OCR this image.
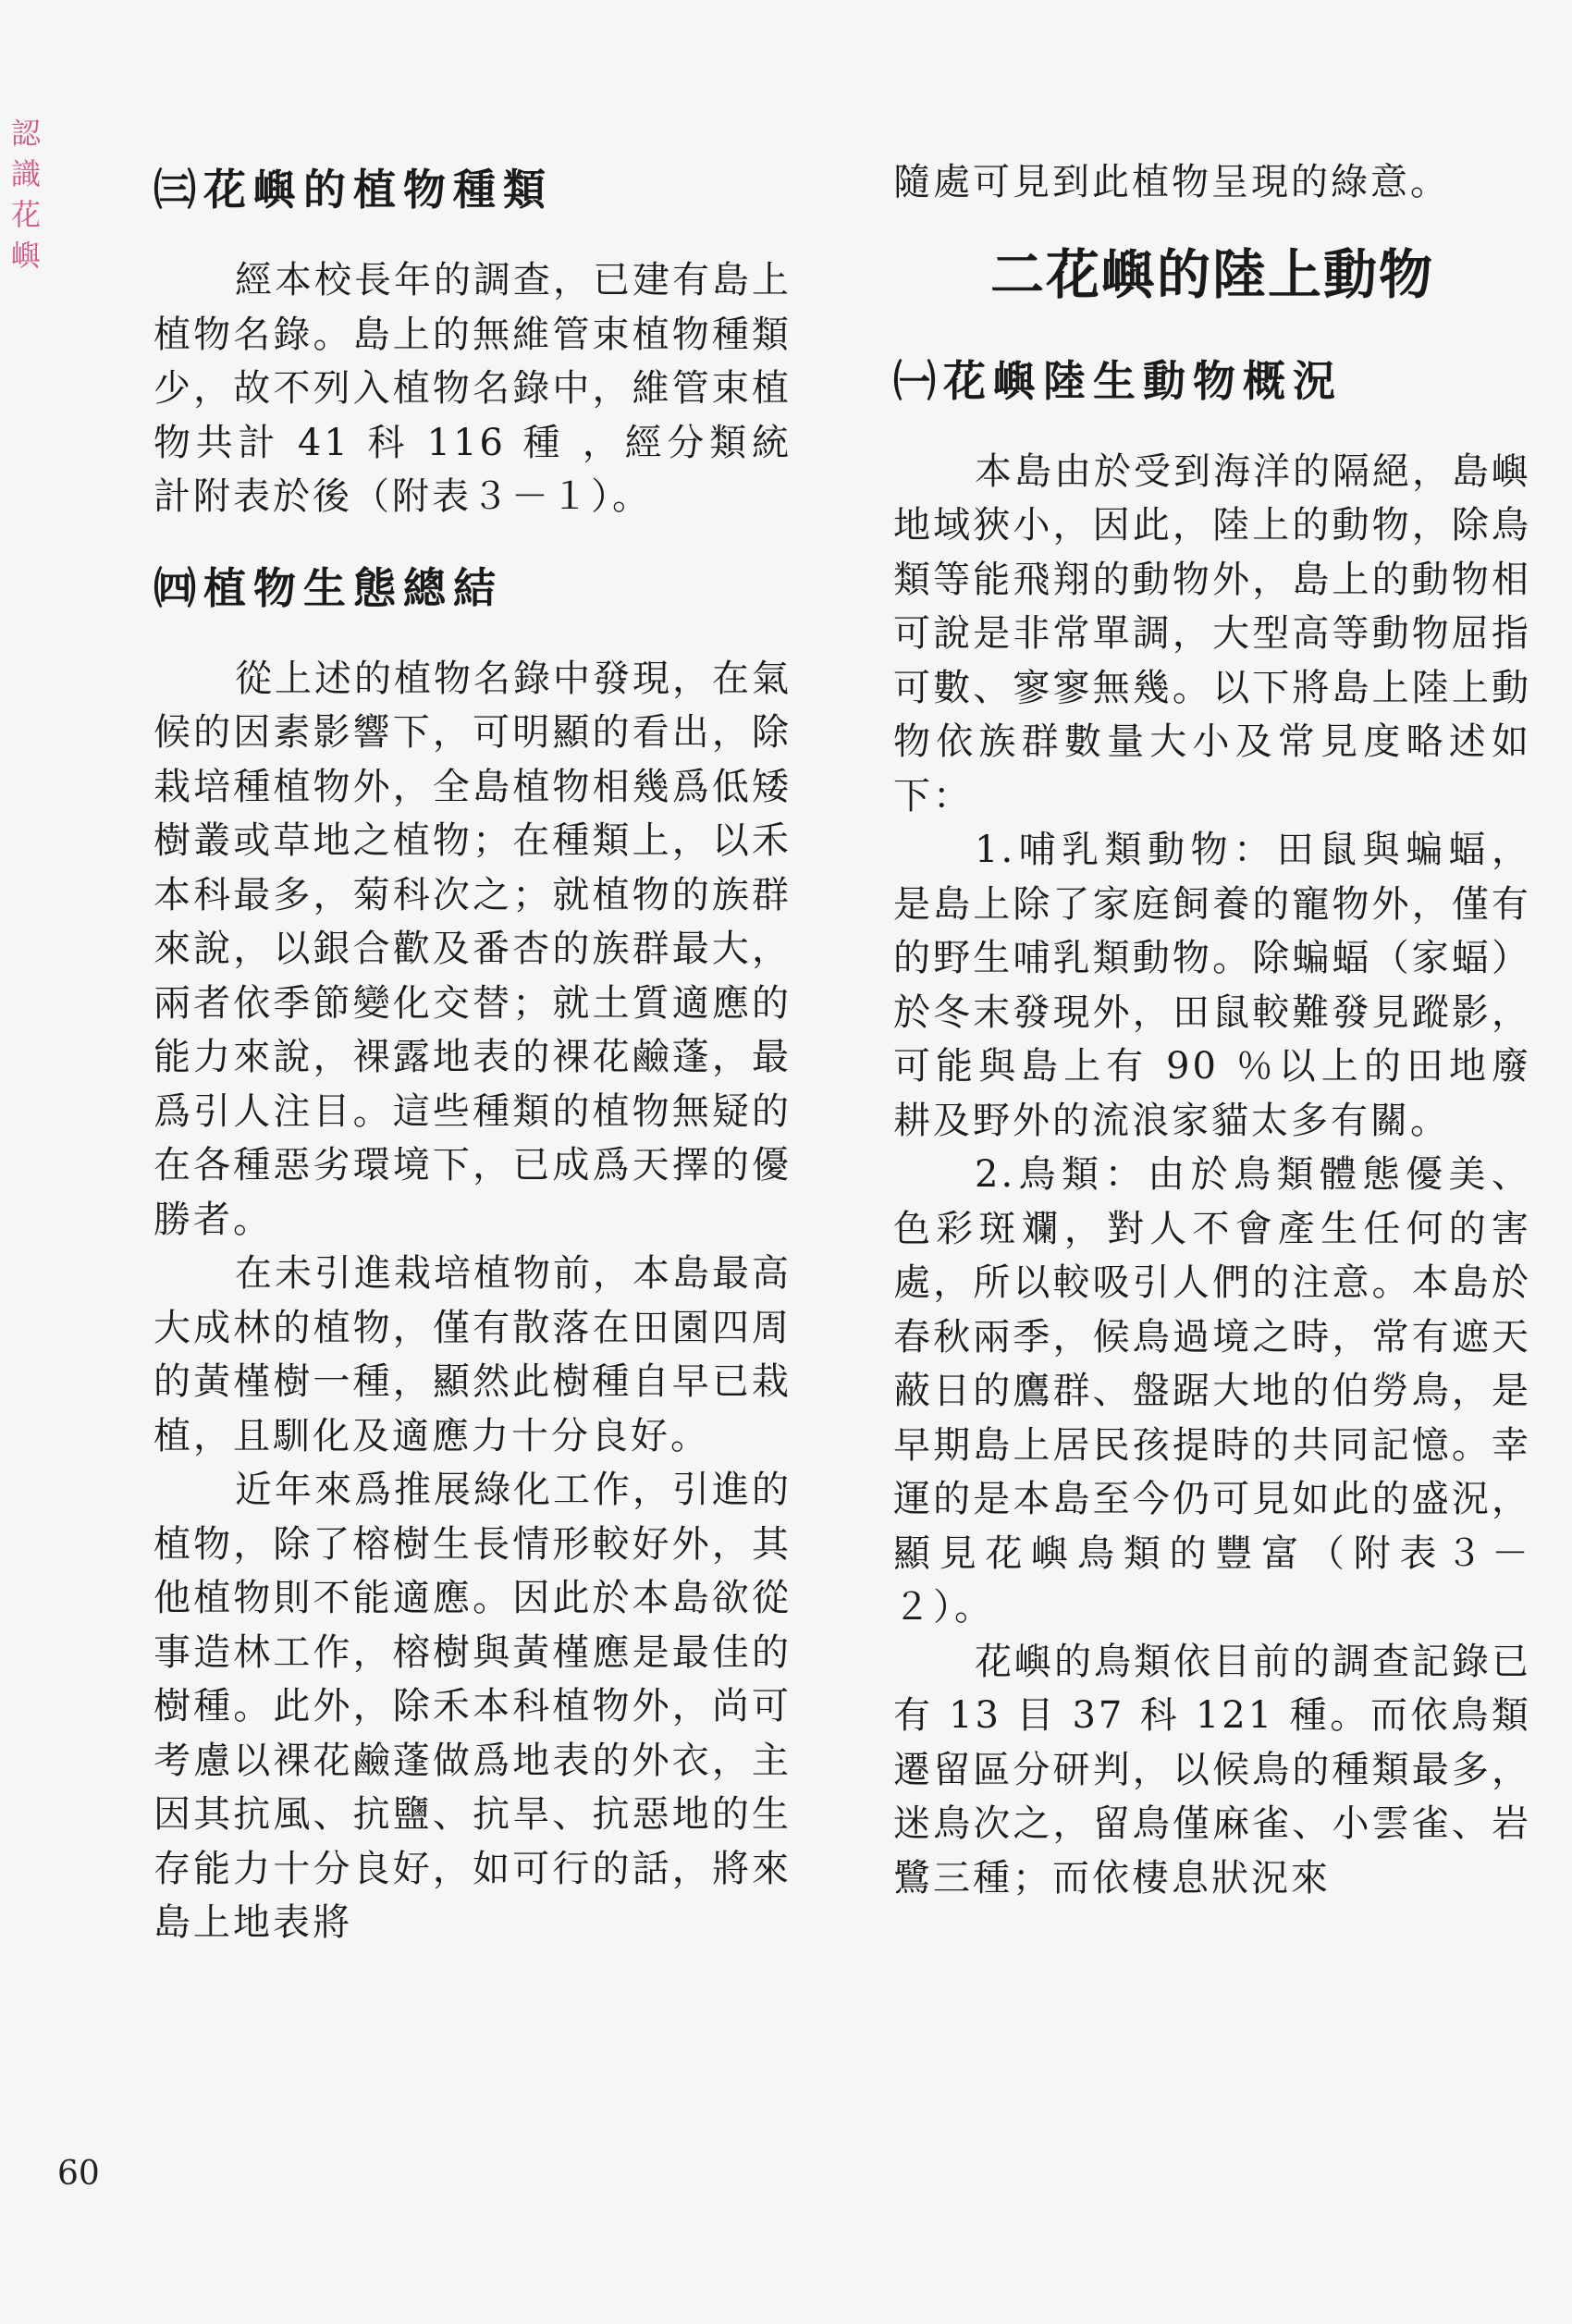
認
識
花
嶼
㈢花嶼的植物種類

經本校長年的調查，已建有島上植物名錄。島上的無維管束植物種類少，故不列入植物名錄中，維管束植物共計 41 科 116 種 ，經分類統計附表於後（附表３－１）。

㈣植物生態總結

從上述的植物名錄中發現，在氣候的因素影響下，可明顯的看出，除栽培種植物外，全島植物相幾爲低矮樹叢或草地之植物；在種類上，以禾本科最多，菊科次之；就植物的族群來說，以銀合歡及番杏的族群最大，兩者依季節變化交替；就土質適應的能力來說，裸露地表的裸花鹼蓬，最爲引人注目。這些種類的植物無疑的在各種惡劣環境下，已成爲天擇的優勝者。

在未引進栽培植物前，本島最高大成林的植物，僅有散落在田園四周的黃槿樹一種，顯然此樹種自早已栽植，且馴化及適應力十分良好。

近年來爲推展綠化工作，引進的植物，除了榕樹生長情形較好外，其他植物則不能適應。因此於本島欲從事造林工作，榕樹與黃槿應是最佳的樹種。此外，除禾本科植物外，尚可考慮以裸花鹼蓬做爲地表的外衣，主因其抗風、抗鹽、抗旱、抗惡地的生存能力十分良好，如可行的話，將來島上地表將

隨處可見到此植物呈現的綠意。

二花嶼的陸上動物
㈠花嶼陸生動物概況

本島由於受到海洋的隔絕，島嶼地域狹小，因此，陸上的動物，除鳥類等能飛翔的動物外，島上的動物相可說是非常單調，大型高等動物屈指可數、寥寥無幾。以下將島上陸上動物依族群數量大小及常見度略述如下：

1.哺乳類動物：田鼠與蝙蝠，是島上除了家庭飼養的寵物外，僅有的野生哺乳類動物。除蝙蝠（家蝠）於冬末發現外，田鼠較難發見蹤影，可能與島上有 90 ％以上的田地廢耕及野外的流浪家貓太多有關。

2.鳥類：由於鳥類體態優美、色彩斑斕，對人不會產生任何的害處，所以較吸引人們的注意。本島於春秋兩季，候鳥過境之時，常有遮天蔽日的鷹群、盤踞大地的伯勞鳥，是早期島上居民孩提時的共同記憶。幸運的是本島至今仍可見如此的盛況，顯見花嶼鳥類的豐富（附表３－２）。

花嶼的鳥類依目前的調查記錄已有 13 目 37 科 121 種。而依鳥類遷留區分研判，以候鳥的種類最多，迷鳥次之，留鳥僅麻雀、小雲雀、岩鷺三種；而依棲息狀況來

60
